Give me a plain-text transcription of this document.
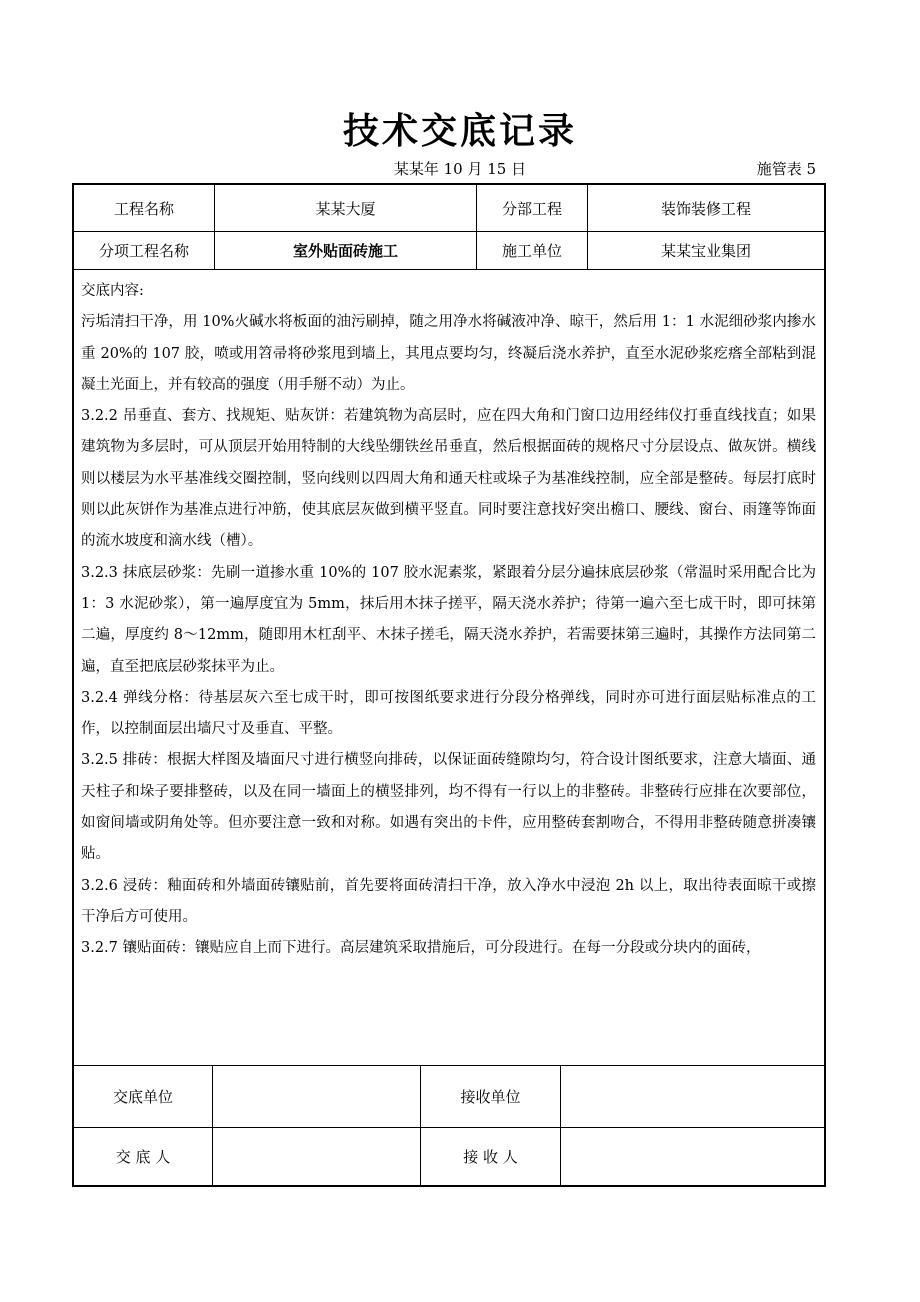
技术交底记录
某某年 10 月 15 日	施管表 5
工程名称	某某大厦	分部工程	装饰装修工程
分项工程名称	室外贴面砖施工	施工单位	某某宝业集团

交底内容:

污垢清扫干净，用 10%火碱水将板面的油污刷掉，随之用净水将碱液冲净、晾干，然后用 1：1 水泥细砂浆内掺水重 20%的 107 胶，喷或用笤帚将砂浆甩到墙上，其甩点要均匀，终凝后浇水养护，直至水泥砂浆疙瘩全部粘到混凝土光面上，并有较高的强度（用手掰不动）为止。

3.2.2 吊垂直、套方、找规矩、贴灰饼：若建筑物为高层时，应在四大角和门窗口边用经纬仪打垂直线找直；如果建筑物为多层时，可从顶层开始用特制的大线坠绷铁丝吊垂直，然后根据面砖的规格尺寸分层设点、做灰饼。横线则以楼层为水平基准线交圈控制，竖向线则以四周大角和通天柱或垛子为基准线控制，应全部是整砖。每层打底时则以此灰饼作为基准点进行冲筋，使其底层灰做到横平竖直。同时要注意找好突出檐口、腰线、窗台、雨篷等饰面的流水坡度和滴水线（槽）。

3.2.3 抹底层砂浆：先刷一道掺水重 10%的 107 胶水泥素浆，紧跟着分层分遍抹底层砂浆（常温时采用配合比为 1：3 水泥砂浆），第一遍厚度宜为 5mm，抹后用木抹子搓平，隔天浇水养护；待第一遍六至七成干时，即可抹第二遍，厚度约 8～12mm，随即用木杠刮平、木抹子搓毛，隔天浇水养护，若需要抹第三遍时，其操作方法同第二遍，直至把底层砂浆抹平为止。

3.2.4 弹线分格：待基层灰六至七成干时，即可按图纸要求进行分段分格弹线，同时亦可进行面层贴标准点的工作，以控制面层出墙尺寸及垂直、平整。

3.2.5 排砖：根据大样图及墙面尺寸进行横竖向排砖，以保证面砖缝隙均匀，符合设计图纸要求，注意大墙面、通天柱子和垛子要排整砖，以及在同一墙面上的横竖排列，均不得有一行以上的非整砖。非整砖行应排在次要部位，如窗间墙或阴角处等。但亦要注意一致和对称。如遇有突出的卡件，应用整砖套割吻合，不得用非整砖随意拼凑镶贴。

3.2.6 浸砖：釉面砖和外墙面砖镶贴前，首先要将面砖清扫干净，放入净水中浸泡 2h 以上，取出待表面晾干或擦干净后方可使用。

3.2.7 镶贴面砖：镶贴应自上而下进行。高层建筑采取措施后，可分段进行。在每一分段或分块内的面砖，

交底单位	接收单位
交 底 人	接 收 人
